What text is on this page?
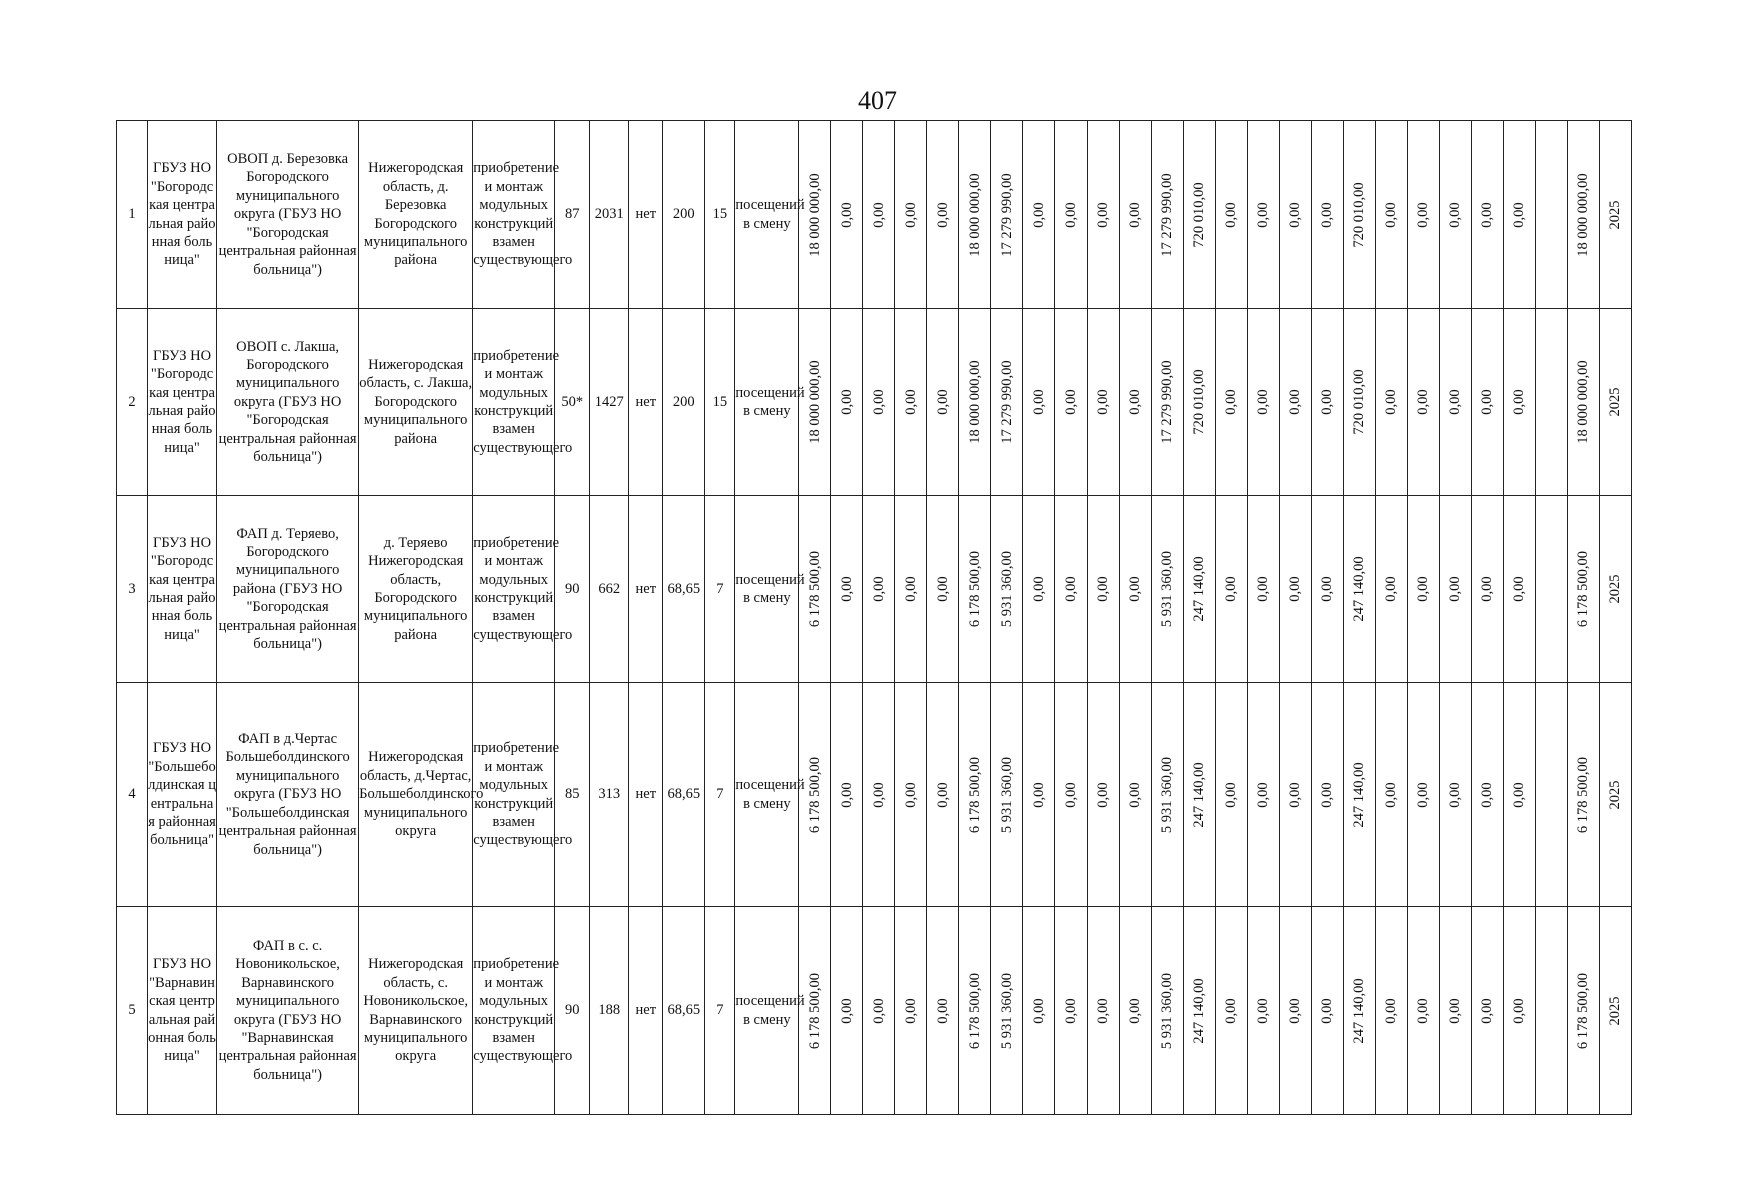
407
1	ГБУЗ НО "Богородская центральная районная больница"	ОВОП д. Березовка Богородского муниципального округа (ГБУЗ НО "Богородская центральная районная больница")	Нижегородская область, д. Березовка Богородского муниципального района	приобретение и монтаж модульных конструкций взамен существующего	87	2031	нет	200	15	посещений в смену	18 000 000,00	0,00	0,00	0,00	0,00	18 000 000,00	17 279 990,00	0,00	0,00	0,00	0,00	17 279 990,00	720 010,00	0,00	0,00	0,00	0,00	720 010,00	0,00	0,00	0,00	0,00	0,00		18 000 000,00	2025

2	ГБУЗ НО "Богородская центральная районная больница"	ОВОП с. Лакша, Богородского муниципального округа (ГБУЗ НО "Богородская центральная районная больница")	Нижегородская область, с. Лакша, Богородского муниципального района	приобретение и монтаж модульных конструкций взамен существующего	50*	1427	нет	200	15	посещений в смену	18 000 000,00	0,00	0,00	0,00	0,00	18 000 000,00	17 279 990,00	0,00	0,00	0,00	0,00	17 279 990,00	720 010,00	0,00	0,00	0,00	0,00	720 010,00	0,00	0,00	0,00	0,00	0,00		18 000 000,00	2025

3	ГБУЗ НО "Богородская центральная районная больница"	ФАП д. Теряево, Богородского муниципального района (ГБУЗ НО "Богородская центральная районная больница")	д. Теряево Нижегородская область, Богородского муниципального района	приобретение и монтаж модульных конструкций взамен существующего	90	662	нет	68,65	7	посещений в смену	6 178 500,00	0,00	0,00	0,00	0,00	6 178 500,00	5 931 360,00	0,00	0,00	0,00	0,00	5 931 360,00	247 140,00	0,00	0,00	0,00	0,00	247 140,00	0,00	0,00	0,00	0,00	0,00		6 178 500,00	2025

4	ГБУЗ НО "Большеболдинская центральная районная больница"	ФАП в д.Чертас Большеболдинского муниципального округа (ГБУЗ НО "Большеболдинская центральная районная больница")	Нижегородская область, д.Чертас, Большеболдинского муниципального округа	приобретение и монтаж модульных конструкций взамен существующего	85	313	нет	68,65	7	посещений в смену	6 178 500,00	0,00	0,00	0,00	0,00	6 178 500,00	5 931 360,00	0,00	0,00	0,00	0,00	5 931 360,00	247 140,00	0,00	0,00	0,00	0,00	247 140,00	0,00	0,00	0,00	0,00	0,00		6 178 500,00	2025

5	ГБУЗ НО "Варнавинская центральная районная больница"	ФАП в с. с. Новоникольское, Варнавинского муниципального округа (ГБУЗ НО "Варнавинская центральная районная больница")	Нижегородская область, с. Новоникольское, Варнавинского муниципального округа	приобретение и монтаж модульных конструкций взамен существующего	90	188	нет	68,65	7	посещений в смену	6 178 500,00	0,00	0,00	0,00	0,00	6 178 500,00	5 931 360,00	0,00	0,00	0,00	0,00	5 931 360,00	247 140,00	0,00	0,00	0,00	0,00	247 140,00	0,00	0,00	0,00	0,00	0,00		6 178 500,00	2025
